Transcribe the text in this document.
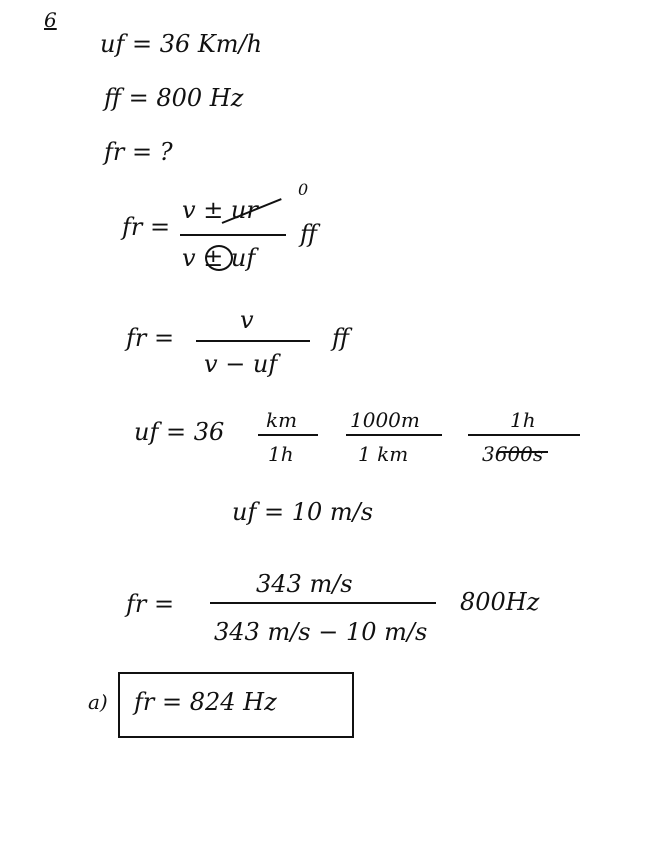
6
uf = 36 Km/h
ff = 800 Hz
fr = ?
fr =
v ± ur
0
v ± uf
ff
fr =
v
v − uf
ff
uf = 36 km
1h
1000m
1 km
1h
3600s
uf = 10 m/s
fr =
343 m/s
343 m/s − 10 m/s
800Hz
a) fr = 824 Hz
